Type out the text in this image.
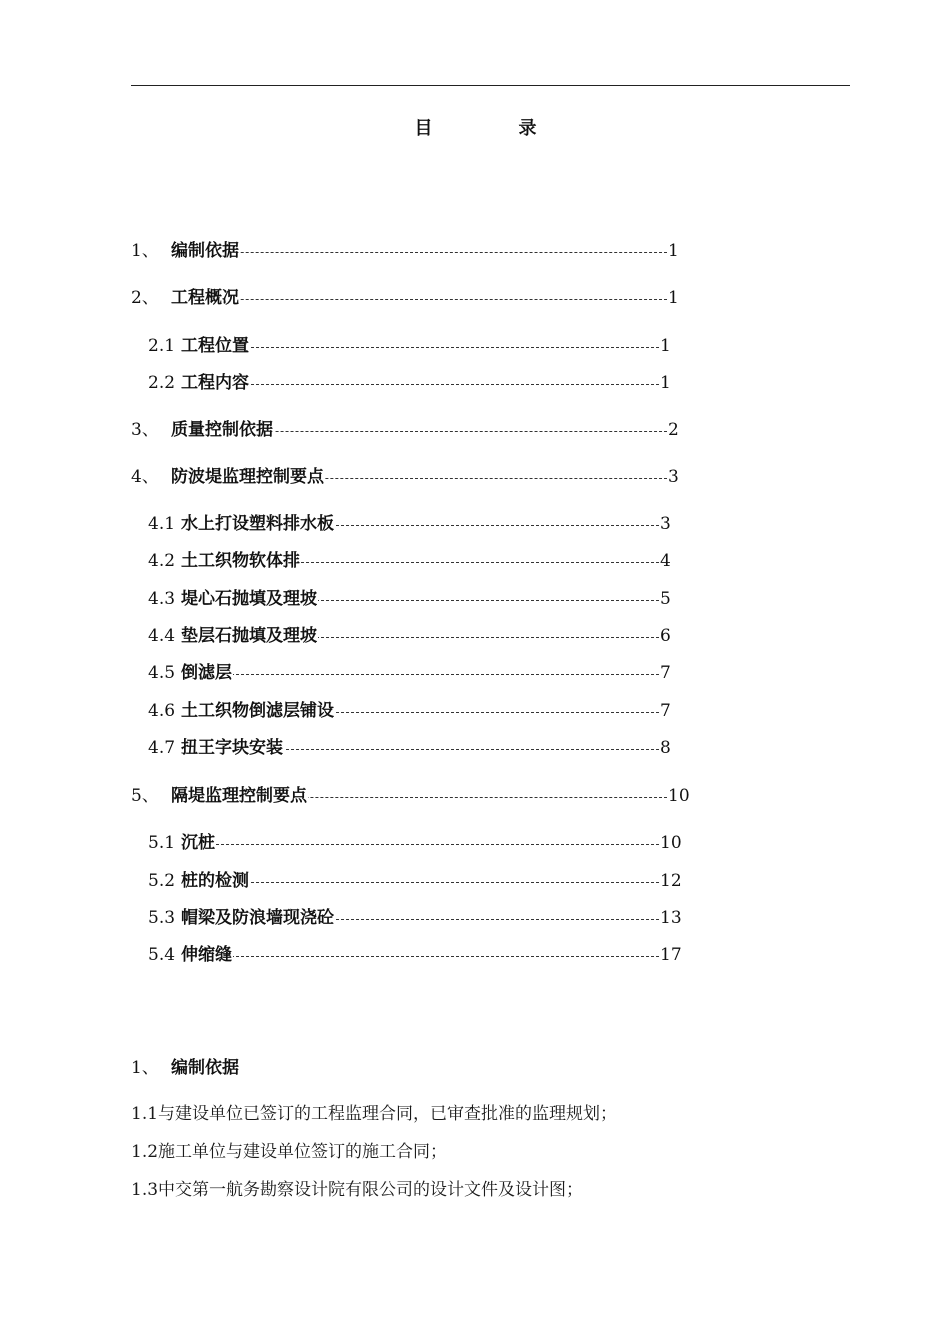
目　录
1、 编制依据	1
2、 工程概况	1
2.1 工程位置	1
2.2 工程内容	1
3、 质量控制依据	2
4、 防波堤监理控制要点	3
4.1 水上打设塑料排水板	3
4.2 土工织物软体排	4
4.3 堤心石抛填及理坡	5
4.4 垫层石抛填及理坡	6
4.5 倒滤层	7
4.6 土工织物倒滤层铺设	7
4.7 扭王字块安装	8
5、 隔堤监理控制要点	10
5.1 沉桩	10
5.2 桩的检测	12
5.3 帽梁及防浪墙现浇砼	13
5.4 伸缩缝	17
1、 编制依据
1.1与建设单位已签订的工程监理合同，已审查批准的监理规划；
1.2施工单位与建设单位签订的施工合同；
1.3中交第一航务勘察设计院有限公司的设计文件及设计图；
